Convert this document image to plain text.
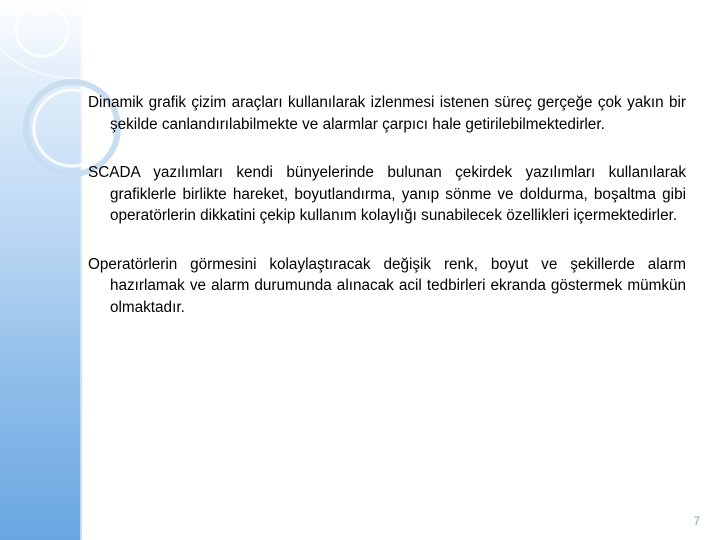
Dinamik grafik çizim araçları kullanılarak izlenmesi istenen süreç gerçeğe çok yakın bir şekilde canlandırılabilmekte ve alarmlar çarpıcı hale getirilebilmektedirler.

SCADA yazılımları kendi bünyelerinde bulunan çekirdek yazılımları kullanılarak grafiklerle birlikte hareket, boyutlandırma, yanıp sönme ve doldurma, boşaltma gibi operatörlerin dikkatini çekip kullanım kolaylığı sunabilecek özellikleri içermektedirler.

Operatörlerin görmesini kolaylaştıracak değişik renk, boyut ve şekillerde alarm hazırlamak ve alarm durumunda alınacak acil tedbirleri ekranda göstermek mümkün olmaktadır.

7
